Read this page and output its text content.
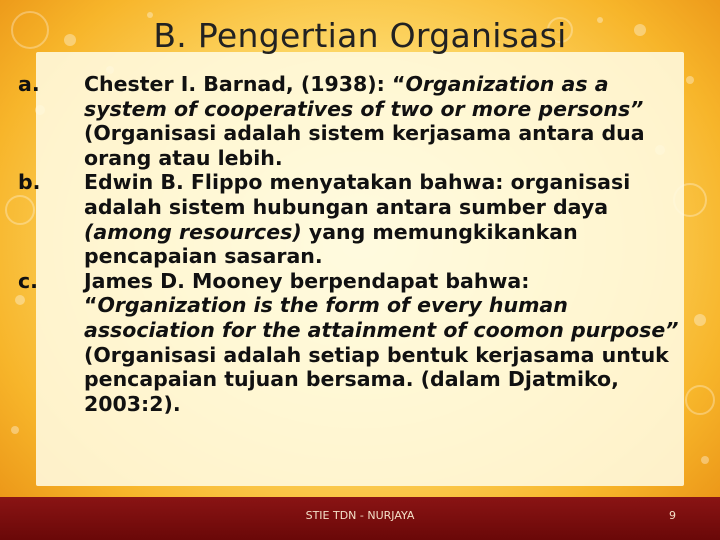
B. Pengertian Organisasi
a.	Chester I. Barnad, (1938): “Organization as a system of cooperatives of two or more persons” (Organisasi adalah sistem kerjasama antara dua orang atau lebih.
b.	Edwin B. Flippo menyatakan bahwa: organisasi adalah sistem hubungan antara sumber daya (among resources) yang memungkikankan pencapaian sasaran.
c.	James D. Mooney berpendapat bahwa: “Organization is the form of every human association for the attainment of coomon purpose” (Organisasi adalah setiap bentuk kerjasama untuk pencapaian tujuan bersama. (dalam Djatmiko, 2003:2).
STIE TDN - NURJAYA	9
